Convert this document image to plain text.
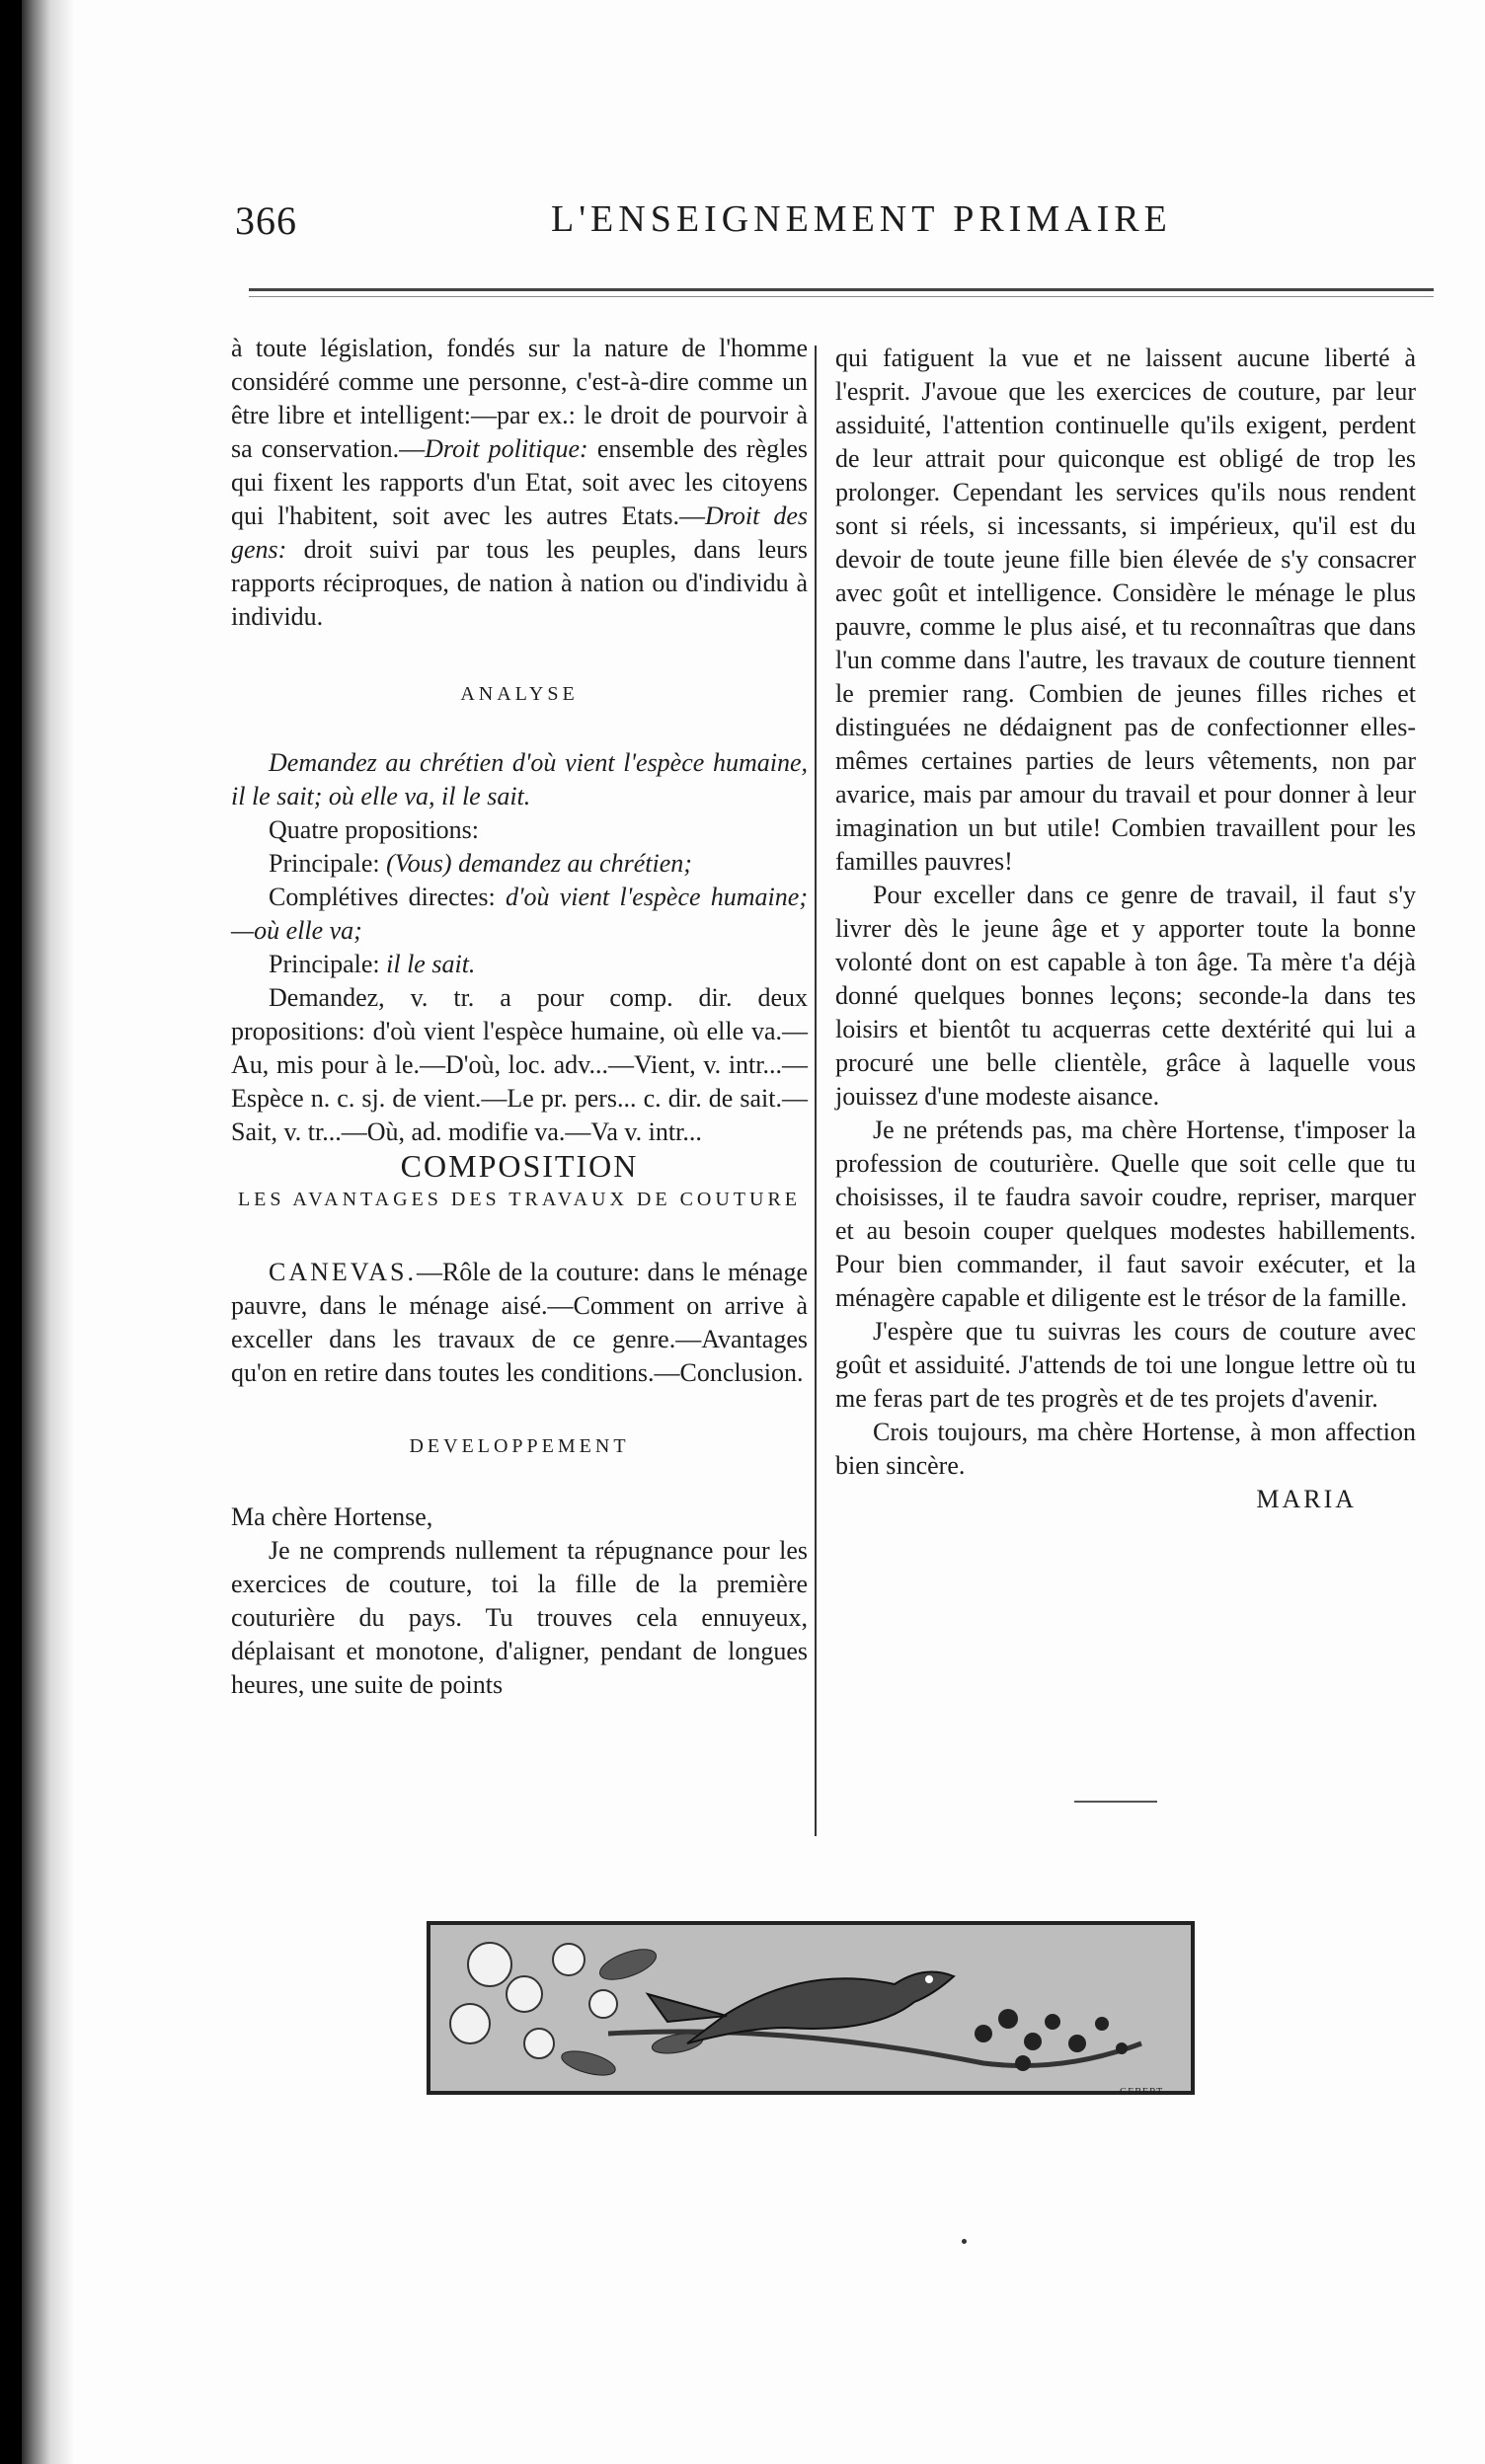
366	L'ENSEIGNEMENT PRIMAIRE

à toute législation, fondés sur la nature de l'homme considéré comme une personne, c'est-à-dire comme un être libre et intelligent:—par ex.: le droit de pourvoir à sa conservation.—Droit politique: ensemble des règles qui fixent les rapports d'un Etat, soit avec les citoyens qui l'habitent, soit avec les autres Etats.—Droit des gens: droit suivi par tous les peuples, dans leurs rapports réciproques, de nation à nation ou d'individu à individu.

ANALYSE

Demandez au chrétien d'où vient l'espèce humaine, il le sait; où elle va, il le sait.

Quatre propositions:

Principale: (Vous) demandez au chrétien;

Complétives directes: d'où vient l'espèce humaine;—où elle va;

Principale: il le sait.

Demandez, v. tr. a pour comp. dir. deux propositions: d'où vient l'espèce humaine, où elle va.—Au, mis pour à le.—D'où, loc. adv...—Vient, v. intr...—Espèce n. c. sj. de vient.—Le pr. pers... c. dir. de sait.—Sait, v. tr...—Où, ad. modifie va.—Va v. intr...

COMPOSITION

LES AVANTAGES DES TRAVAUX DE COUTURE

CANEVAS.—Rôle de la couture: dans le ménage pauvre, dans le ménage aisé.—Comment on arrive à exceller dans les travaux de ce genre.—Avantages qu'on en retire dans toutes les conditions.—Conclusion.

DEVELOPPEMENT

Ma chère Hortense,

Je ne comprends nullement ta répugnance pour les exercices de couture, toi la fille de la première couturière du pays. Tu trouves cela ennuyeux, déplaisant et monotone, d'aligner, pendant de longues heures, une suite de points

qui fatiguent la vue et ne laissent aucune liberté à l'esprit. J'avoue que les exercices de couture, par leur assiduité, l'attention continuelle qu'ils exigent, perdent de leur attrait pour quiconque est obligé de trop les prolonger. Cependant les services qu'ils nous rendent sont si réels, si incessants, si impérieux, qu'il est du devoir de toute jeune fille bien élevée de s'y consacrer avec goût et intelligence. Considère le ménage le plus pauvre, comme le plus aisé, et tu reconnaîtras que dans l'un comme dans l'autre, les travaux de couture tiennent le premier rang. Combien de jeunes filles riches et distinguées ne dédaignent pas de confectionner elles-mêmes certaines parties de leurs vêtements, non par avarice, mais par amour du travail et pour donner à leur imagination un but utile! Combien travaillent pour les familles pauvres!

Pour exceller dans ce genre de travail, il faut s'y livrer dès le jeune âge et y apporter toute la bonne volonté dont on est capable à ton âge. Ta mère t'a déjà donné quelques bonnes leçons; seconde-la dans tes loisirs et bientôt tu acquerras cette dextérité qui lui a procuré une belle clientèle, grâce à laquelle vous jouissez d'une modeste aisance.

Je ne prétends pas, ma chère Hortense, t'imposer la profession de couturière. Quelle que soit celle que tu choisisses, il te faudra savoir coudre, repriser, marquer et au besoin couper quelques modestes habillements. Pour bien commander, il faut savoir exécuter, et la ménagère capable et diligente est le trésor de la famille.

J'espère que tu suivras les cours de couture avec goût et assiduité. J'attends de toi une longue lettre où tu me feras part de tes progrès et de tes projets d'avenir.

Crois toujours, ma chère Hortense, à mon affection bien sincère.

MARIA

GEBERT
